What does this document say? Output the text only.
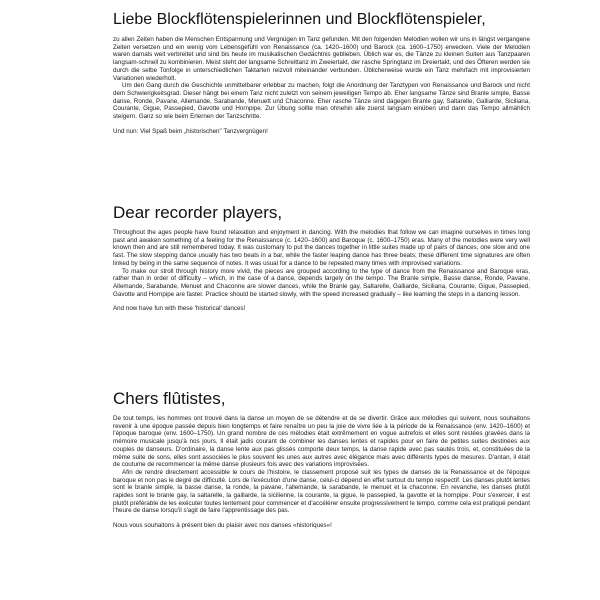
Liebe Blockflötenspielerinnen und Blockflötenspieler,

zu allen Zeiten haben die Menschen Entspannung und Vergnügen im Tanz gefunden. Mit den folgenden Melodien wollen wir uns in längst vergangene Zeiten versetzen und ein wenig vom Lebensgefühl von Renaissance (ca. 1420–1600) und Barock (ca. 1600–1750) erwecken. Viele der Melodien waren damals weit verbreitet und sind bis heute im musikalischen Gedächtnis geblieben. Üblich war es, die Tänze zu kleinen Suiten aus Tanzpaaren langsam-schnell zu kombinieren. Meist steht der langsame Schreittanz im Zweiertakt, der rasche Springtanz im Dreiertakt, und des Öfteren werden sie durch die selbe Tonfolge in unterschiedlichen Taktarten reizvoll miteinander verbunden. Üblicherweise wurde ein Tanz mehrfach mit improvisierten Variationen wiederholt.

Um den Gang durch die Geschichte unmittelbarer erlebbar zu machen, folgt die Anordnung der Tanztypen von Renaissance und Barock und nicht dem Schwierigkeitsgrad. Dieser hängt bei einem Tanz nicht zuletzt von seinem jeweiligen Tempo ab. Eher langsame Tänze sind Branle simple, Basse danse, Ronde, Pavane, Allemande, Sarabande, Menuett und Chaconne. Eher rasche Tänze sind dagegen Branle gay, Saltarelle, Galliarde, Siciliana, Courante, Gigue, Passepied, Gavotte und Hornpipe. Zur Übung sollte man ohnehin alle zuerst langsam einüben und dann das Tempo allmählich steigern. Ganz so wie beim Erlernen der Tanzschritte.

Und nun: Viel Spaß beim „historischen" Tanzvergnügen!

Dear recorder players,

Throughout the ages people have found relaxation and enjoyment in dancing. With the melodies that follow we can imagine ourselves in times long past and awaken something of a feeling for the Renaissance (c. 1420–1600) and Baroque (c. 1600–1750) eras. Many of the melodies were very well known then and are still remembered today. It was customary to put the dances together in little suites made up of pairs of dances, one slow and one fast. The slow stepping dance usually has two beats in a bar, while the faster leaping dance has three beats; these different time signatures are often linked by being in the same sequence of notes. It was usual for a dance to be repeated many times with improvised variations.

To make our stroll through history more vivid, the pieces are grouped according to the type of dance from the Renaissance and Baroque eras, rather than in order of difficulty – which, in the case of a dance, depends largely on the tempo. The Branle simple, Basse danse, Ronde, Pavane, Allemande, Sarabande, Menuet and Chaconne are slower dances, while the Branle gay, Saltarelle, Galliarde, Siciliana, Courante, Gigue, Passepied, Gavotte and Hornpipe are faster. Practice should be started slowly, with the speed increased gradually – like learning the steps in a dancing lesson.

And now have fun with these 'historical' dances!

Chers flûtistes,

De tout temps, les hommes ont trouvé dans la danse un moyen de se détendre et de se divertir. Grâce aux mélodies qui suivent, nous souhaitons revenir à une époque passée depuis bien longtemps et faire renaître un peu la joie de vivre liée à la période de la Renaissance (env. 1420–1600) et l'époque baroque (env. 1600–1750). Un grand nombre de ces mélodies était extrêmement en vogue autrefois et elles sont restées gravées dans la mémoire musicale jusqu'à nos jours. Il était jadis courant de combiner les danses lentes et rapides pour en faire de petites suites destinées aux couples de danseurs. D'ordinaire, la danse lente aux pas glissés comporte deux temps, la danse rapide avec pas sautés trois, et, constituées de la même suite de sons, elles sont associées le plus souvent les unes aux autres avec élégance mais avec différents types de mesures. D'antan, il était de coutume de recommencer la même danse plusieurs fois avec des variations improvisées.

Afin de rendre directement accessible le cours de l'histoire, le classement proposé suit les types de danses de la Renaissance et de l'époque baroque et non pas le degré de difficulté. Lors de l'exécution d'une danse, celui-ci dépend en effet surtout du tempo respectif. Les danses plutôt lentes sont le branle simple, la basse danse, la ronde, la pavane, l'allemande, la sarabande, le menuet et la chaconne. En revanche, les danses plutôt rapides sont le branle gay, la saltarelle, la gaillarde, la sicilienne, la courante, la gigue, le passepied, la gavotte et la hornpipe. Pour s'exercer, il est plutôt préférable de les exécuter toutes lentement pour commencer et d'accélérer ensuite progressivement le tempo, comme cela est pratiqué pendant l'heure de danse lorsqu'il s'agit de faire l'apprentissage des pas.

Nous vous souhaitons à présent bien du plaisir avec nos danses «historiques»!
